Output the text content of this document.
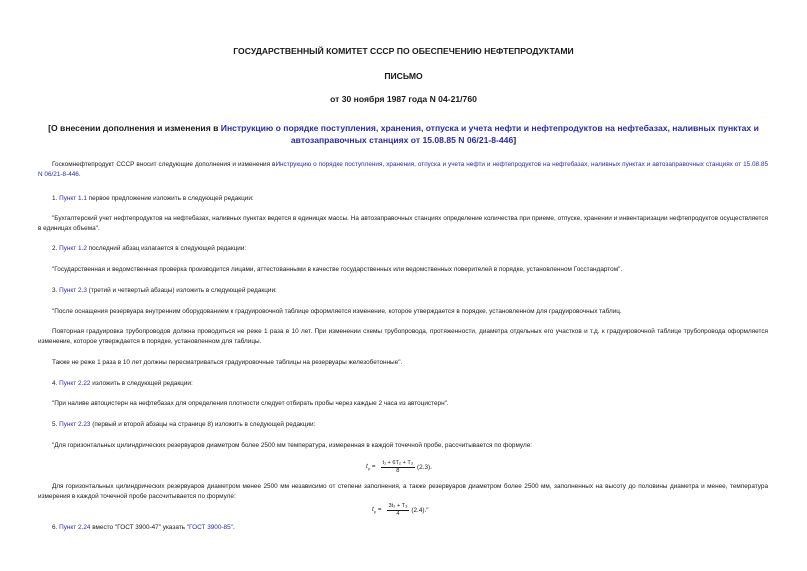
ГОСУДАРСТВЕННЫЙ КОМИТЕТ СССР ПО ОБЕСПЕЧЕНИЮ НЕФТЕПРОДУКТАМИ
ПИСЬМО
от 30 ноября 1987 года N 04-21/760
[О внесении дополнения и изменения в Инструкцию о порядке поступления, хранения, отпуска и учета нефти и нефтепродуктов на нефтебазах, наливных пунктах и автозаправочных станциях от 15.08.85 N 06/21-8-446]

Госкомнефтепродукт СССР вносит следующие дополнения и изменения вИнструкцию о порядке поступления, хранения, отпуска и учета нефти и нефтепродуктов на нефтебазах, наливных пунктах и автозаправочных станциях от 15.08.85 N 06/21-8-446.

1. Пункт 1.1 первое предложение изложить в следующей редакции:

"Бухгалтерский учет нефтепродуктов на нефтебазах, наливных пунктах ведется в единицах массы. На автозаправочных станциях определение количества при приеме, отпуске, хранении и инвентаризации нефтепродуктов осуществляется в единицах объема".

2. Пункт 1.2 последний абзац излагается в следующей редакции:

"Государственная и ведомственная проверка производится лицами, аттестованными в качестве государственных или ведомственных поверителей в порядке, установленном Госстандартом".

3. Пункт 2.3 (третий и четвертый абзацы) изложить в следующей редакции:

"После оснащения резервуара внутренним оборудованием к градуировочной таблице оформляется изменение, которое утверждается в порядке, установленном для градуировочных таблиц.

Повторная градуировка трубопроводов должна проводиться не реже 1 раза в 10 лет. При изменении схемы трубопровода, протяженности, диаметра отдельных его участков и т.д. к градуировочной таблице трубопровода оформляется изменение, которое утверждается в порядке, установленном для таблицы.

Также не реже 1 раза в 10 лет должны пересматриваться градуировочные таблицы на резервуары железобетонные".

4. Пункт 2.22 изложить в следующей редакции:

"При наливе автоцистерн на нефтебазах для определения плотности следует отбирать пробы через каждые 2 часа из автоцистерн".

5. Пункт 2.23 (первый и второй абзацы на странице 8) изложить в следующей редакции:

"Для горизонтальных цилиндрических резервуаров диаметром более 2500 мм температура, измеренная в каждой точечной пробе, рассчитывается по формуле:

$t_v = \frac{\text{t₁ + 6T₂ + T₃}}{8} (2.3)$.

Для горизонтальных цилиндрических резервуаров диаметром менее 2500 мм независимо от степени заполнения, а также резервуаров диаметром более 2500 мм, заполненных на высоту до половины диаметра и менее, температура измерения в каждой точечной пробе рассчитывается по формуле:

$t_v = \frac{\text{3t₂ + T₃}}{4} (2.4)$."

6. Пункт 2.24 вместо "ГОСТ 3900-47" указать "ГОСТ 3900-85".
